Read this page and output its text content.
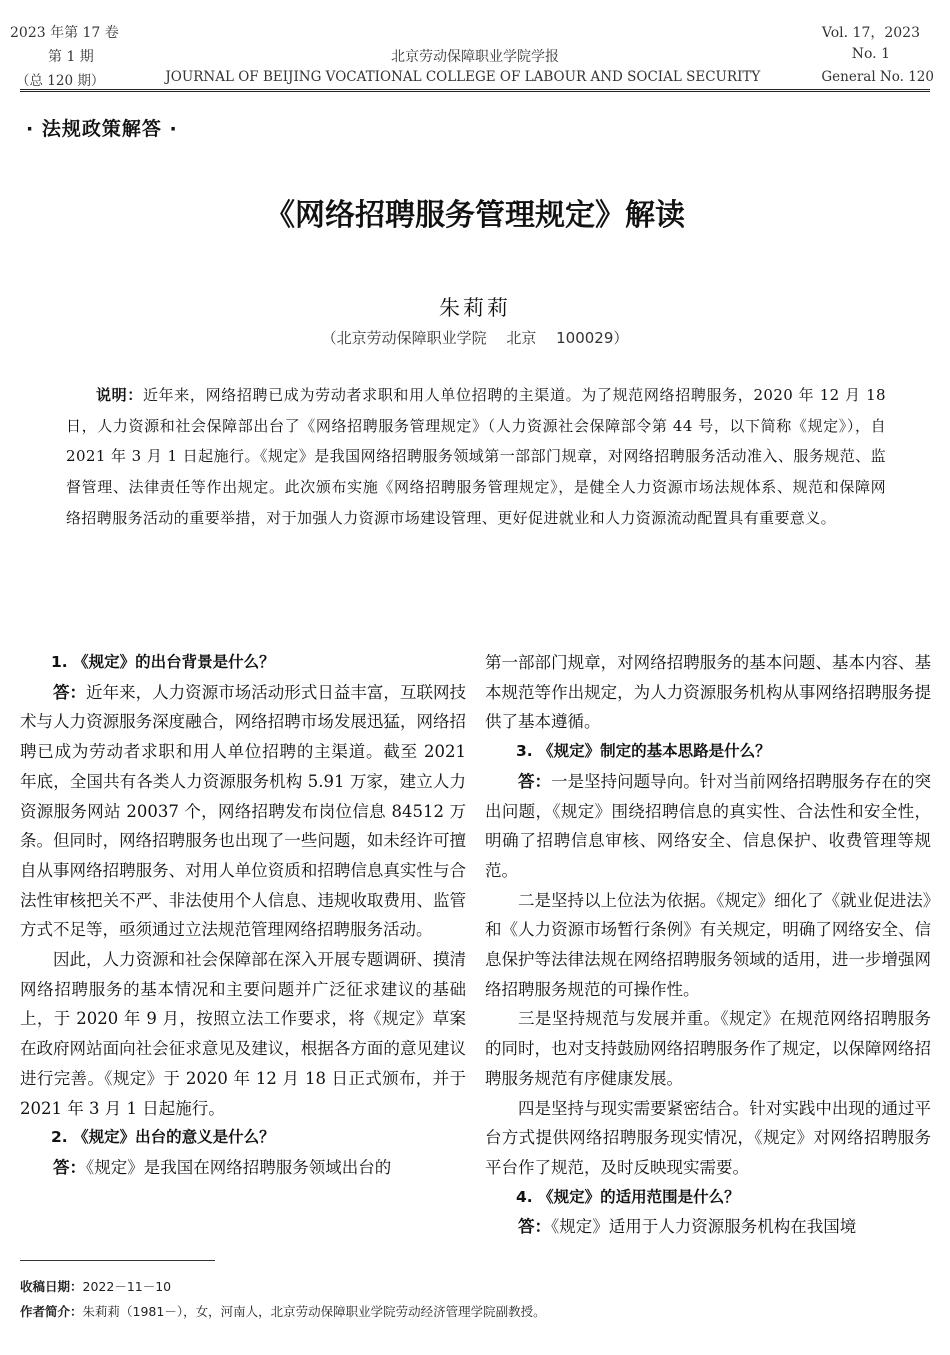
2023 年第 17 卷
第 1 期	北京劳动保障职业学院学报
Vol. 17，2023
No. 1
（总 120 期）	JOURNAL OF BEIJING VOCATIONAL COLLEGE OF LABOUR AND SOCIAL SECURITY	General No. 120
· 法规政策解答 ·
《网络招聘服务管理规定》解读
朱莉莉
（北京劳动保障职业学院　 北京　 100029）
说明：近年来，网络招聘已成为劳动者求职和用人单位招聘的主渠道。为了规范网络招聘服务，2020 年 12 月 18 日，人力资源和社会保障部出台了《网络招聘服务管理规定》（人力资源社会保障部令第 44 号，以下简称《规定》），自 2021 年 3 月 1 日起施行。《规定》是我国网络招聘服务领域第一部部门规章，对网络招聘服务活动准入、服务规范、监督管理、法律责任等作出规定。此次颁布实施《网络招聘服务管理规定》，是健全人力资源市场法规体系、规范和保障网络招聘服务活动的重要举措，对于加强人力资源市场建设管理、更好促进就业和人力资源流动配置具有重要意义。
1. 《规定》的出台背景是什么？

答：近年来，人力资源市场活动形式日益丰富，互联网技术与人力资源服务深度融合，网络招聘市场发展迅猛，网络招聘已成为劳动者求职和用人单位招聘的主渠道。截至 2021 年底，全国共有各类人力资源服务机构 5.91 万家，建立人力资源服务网站 20037 个，网络招聘发布岗位信息 84512 万条。但同时，网络招聘服务也出现了一些问题，如未经许可擅自从事网络招聘服务、对用人单位资质和招聘信息真实性与合法性审核把关不严、非法使用个人信息、违规收取费用、监管方式不足等，亟须通过立法规范管理网络招聘服务活动。

因此，人力资源和社会保障部在深入开展专题调研、摸清网络招聘服务的基本情况和主要问题并广泛征求建议的基础上，于 2020 年 9 月，按照立法工作要求，将《规定》草案在政府网站面向社会征求意见及建议，根据各方面的意见建议进行完善。《规定》于 2020 年 12 月 18 日正式颁布，并于 2021 年 3 月 1 日起施行。

2. 《规定》出台的意义是什么？

答：《规定》是我国在网络招聘服务领域出台的

第一部部门规章，对网络招聘服务的基本问题、基本内容、基本规范等作出规定，为人力资源服务机构从事网络招聘服务提供了基本遵循。

3. 《规定》制定的基本思路是什么？

答：一是坚持问题导向。针对当前网络招聘服务存在的突出问题，《规定》围绕招聘信息的真实性、合法性和安全性，明确了招聘信息审核、网络安全、信息保护、收费管理等规范。

二是坚持以上位法为依据。《规定》细化了《就业促进法》和《人力资源市场暂行条例》有关规定，明确了网络安全、信息保护等法律法规在网络招聘服务领域的适用，进一步增强网络招聘服务规范的可操作性。

三是坚持规范与发展并重。《规定》在规范网络招聘服务的同时，也对支持鼓励网络招聘服务作了规定，以保障网络招聘服务规范有序健康发展。

四是坚持与现实需要紧密结合。针对实践中出现的通过平台方式提供网络招聘服务现实情况，《规定》对网络招聘服务平台作了规范，及时反映现实需要。

4. 《规定》的适用范围是什么？

答：《规定》适用于人力资源服务机构在我国境

收稿日期：2022－11－10
作者简介：朱莉莉（1981－），女，河南人，北京劳动保障职业学院劳动经济管理学院副教授。
